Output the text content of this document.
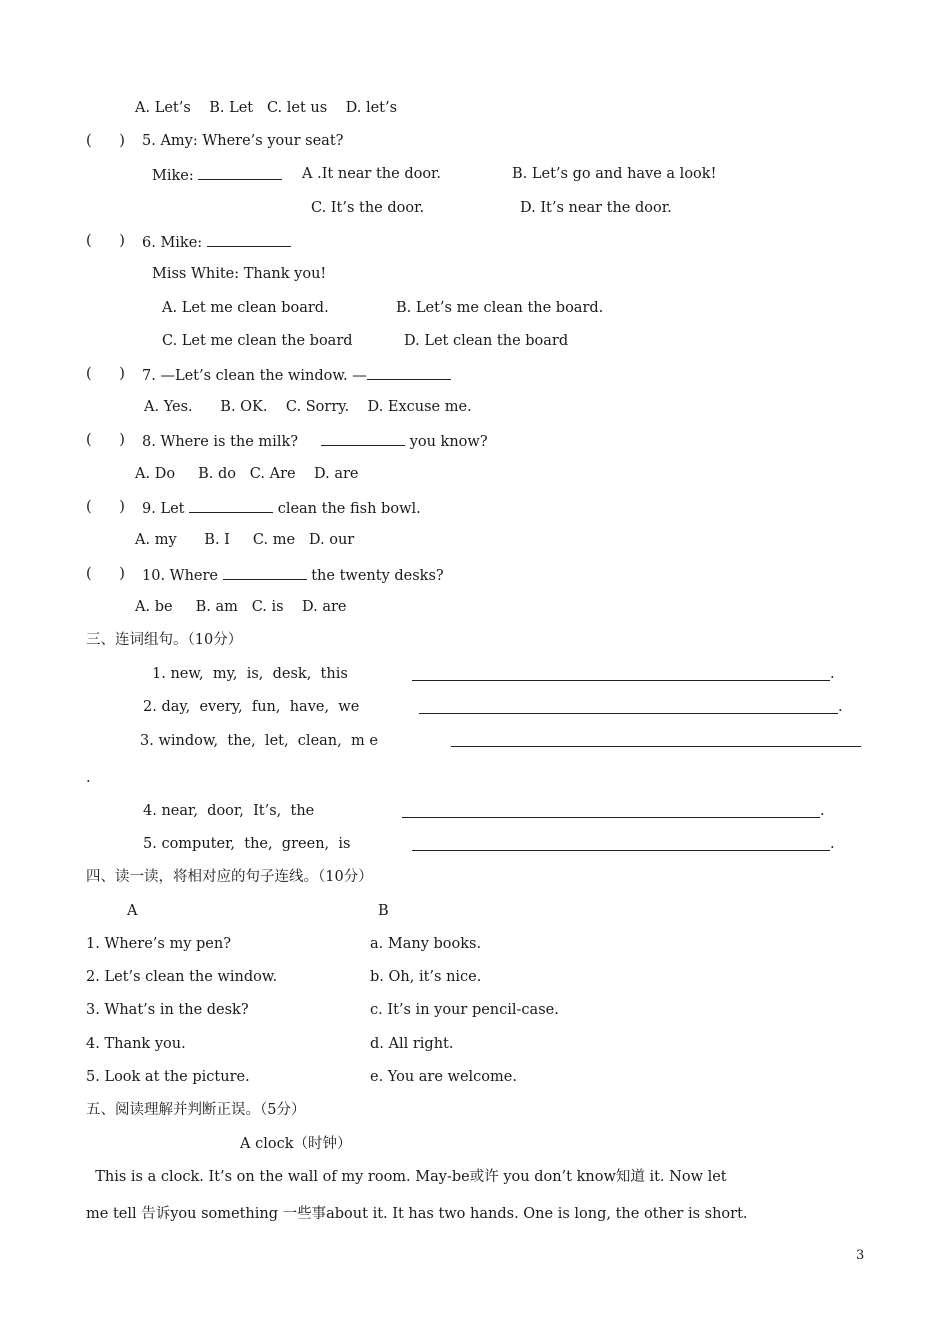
A. Let’s    B. Let   C. let us    D. let’s
(      ) 5. Amy: Where’s your seat?
Mike:	A .It near the door.	B. Let’s go and have a look!
C. It’s the door.	D. It’s near the door.
(      ) 6. Mike:
Miss White: Thank you!
A. Let me clean board.	B. Let’s me clean the board.
C. Let me clean the board	D. Let clean the board
(      ) 7. —Let’s clean the window. —
A. Yes.      B. OK.    C. Sorry.    D. Excuse me.
(      ) 8. Where is the milk?	you know?
A. Do     B. do   C. Are    D. are
(      ) 9. Let	clean the fish bowl.
A. my      B. I     C. me   D. our
(      ) 10. Where	the twenty desks?
A. be     B. am   C. is    D. are
三、连词组句。（10分）
1. new,  my,  is,  desk,  this	.
2. day,  every,  fun,  have,  we	.
3. window,  the,  let,  clean,  m e
.
4. near,  door,  It’s,  the	.
5. computer,  the,  green,  is	.
四、读一读，将相对应的句子连线。（10分）
A	B
1. Where’s my pen?	a. Many books.
2. Let’s clean the window.	b. Oh, it’s nice.
3. What’s in the desk?	c. It’s in your pencil-case.
4. Thank you.	d. All right.
5. Look at the picture.	e. You are welcome.
五、阅读理解并判断正误。（5分）
A clock（时钟）
This is a clock. It’s on the wall of my room. May-be或许 you don’t know知道 it. Now let
me tell 告诉you something 一些事about it. It has two hands. One is long, the other is short.
3
